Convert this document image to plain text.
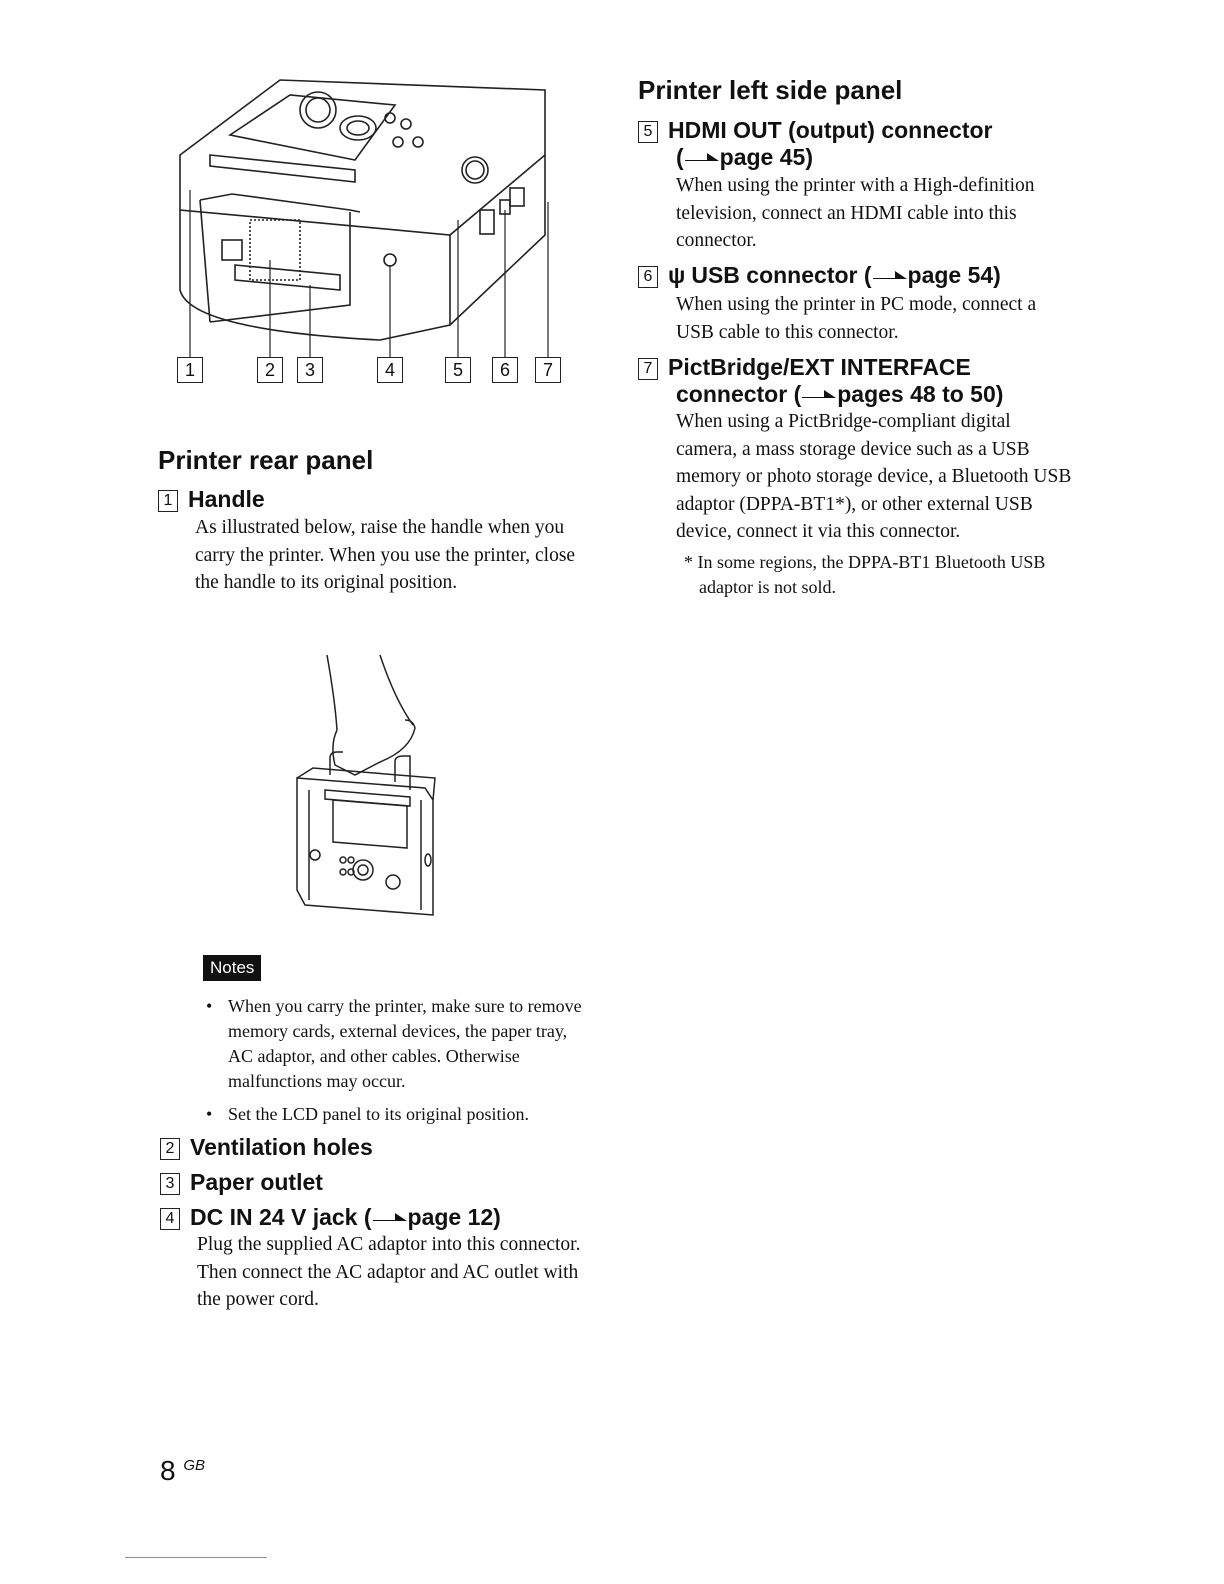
1	2	3	4	5	6	7
Printer rear panel
1 Handle
As illustrated below, raise the handle when you carry the printer. When you use the printer, close the handle to its original position.
Notes
• When you carry the printer, make sure to remove memory cards, external devices, the paper tray, AC adaptor, and other cables. Otherwise malfunctions may occur.
• Set the LCD panel to its original position.
2 Ventilation holes
3 Paper outlet
4 DC IN 24 V jack ( page 12)
Plug the supplied AC adaptor into this connector. Then connect the AC adaptor and AC outlet with the power cord.
Printer left side panel
5 HDMI OUT (output) connector
( page 45)
When using the printer with a High-definition television, connect an HDMI cable into this connector.
6 ψ USB connector ( page 54)
When using the printer in PC mode, connect a USB cable to this connector.
7 PictBridge/EXT INTERFACE
connector ( pages 48 to 50)
When using a PictBridge-compliant digital camera, a mass storage device such as a USB memory or photo storage device, a Bluetooth USB adaptor (DPPA-BT1*), or other external USB device, connect it via this connector.
* In some regions, the DPPA-BT1 Bluetooth USB adaptor is not sold.
8 $^{GB}$
